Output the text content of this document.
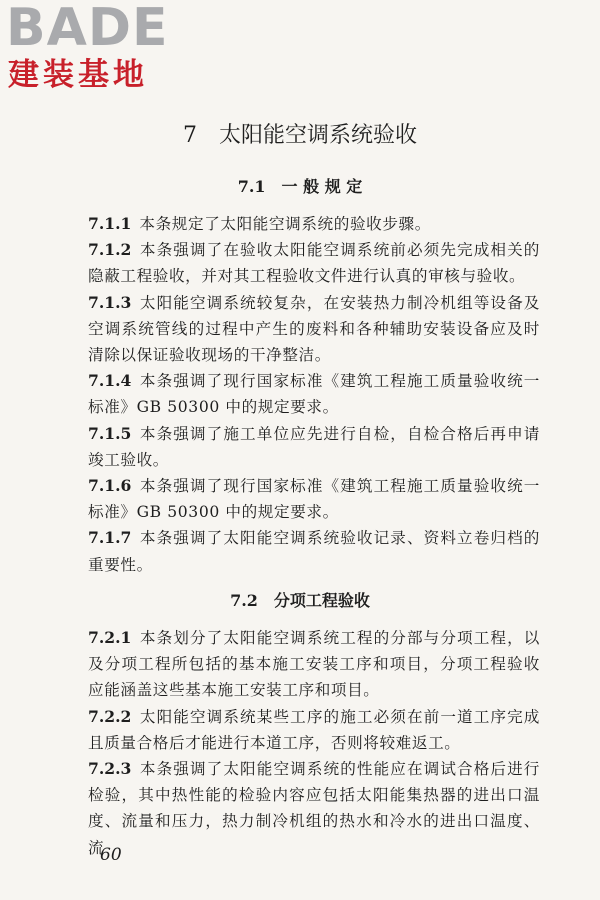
BADE
建装基地
7　太阳能空调系统验收
7.1　一 般 规 定

7.1.1 本条规定了太阳能空调系统的验收步骤。

7.1.2 本条强调了在验收太阳能空调系统前必须先完成相关的隐蔽工程验收，并对其工程验收文件进行认真的审核与验收。

7.1.3 太阳能空调系统较复杂，在安装热力制冷机组等设备及空调系统管线的过程中产生的废料和各种辅助安装设备应及时清除以保证验收现场的干净整洁。

7.1.4 本条强调了现行国家标准《建筑工程施工质量验收统一标准》GB 50300 中的规定要求。

7.1.5 本条强调了施工单位应先进行自检，自检合格后再申请竣工验收。

7.1.6 本条强调了现行国家标准《建筑工程施工质量验收统一标准》GB 50300 中的规定要求。

7.1.7 本条强调了太阳能空调系统验收记录、资料立卷归档的重要性。

7.2　分项工程验收

7.2.1 本条划分了太阳能空调系统工程的分部与分项工程，以及分项工程所包括的基本施工安装工序和项目，分项工程验收应能涵盖这些基本施工安装工序和项目。

7.2.2 太阳能空调系统某些工序的施工必须在前一道工序完成且质量合格后才能进行本道工序，否则将较难返工。

7.2.3 本条强调了太阳能空调系统的性能应在调试合格后进行检验，其中热性能的检验内容应包括太阳能集热器的进出口温度、流量和压力，热力制冷机组的热水和冷水的进出口温度、流

60
